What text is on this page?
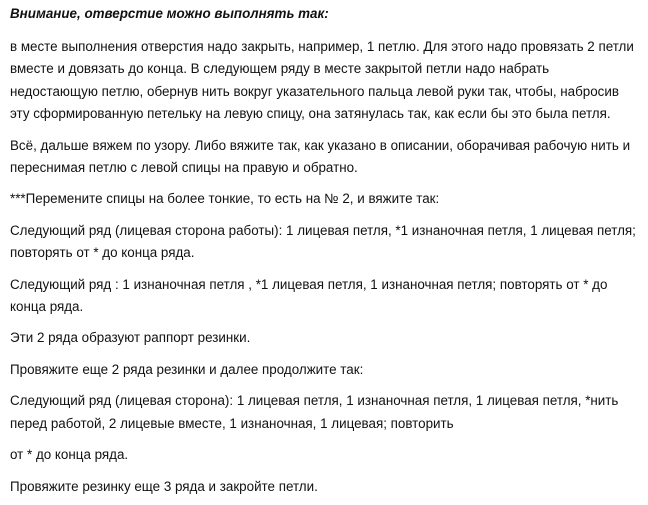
Внимание, отверстие можно выполнять так:
в месте выполнения отверстия надо закрыть, например, 1 петлю. Для этого надо провязать 2 петли вместе и довязать до конца. В следующем ряду в месте закрытой петли надо набрать недостающую петлю, обернув нить вокруг указательного пальца левой руки так, чтобы, набросив эту сформированную петельку на левую спицу, она затянулась так, как если бы это была петля.
Всё, дальше вяжем по узору. Либо вяжите так, как указано в описании, оборачивая рабочую нить и переснимая петлю с левой спицы на правую и обратно.
***Перемените спицы на более тонкие, то есть на № 2, и вяжите так:
Следующий ряд (лицевая сторона работы): 1 лицевая петля, *1 изнаночная петля, 1 лицевая петля; повторять от * до конца ряда.
Следующий ряд : 1 изнаночная петля , *1 лицевая петля, 1 изнаночная петля; повторять от * до конца ряда.
Эти 2 ряда образуют раппорт резинки.
Провяжите еще 2 ряда резинки и далее продолжите так:
Следующий ряд (лицевая сторона): 1 лицевая петля, 1 изнаночная петля, 1 лицевая петля, *нить перед работой, 2 лицевые вместе, 1 изнаночная, 1 лицевая; повторить
от * до конца ряда.
Провяжите резинку еще 3 ряда и закройте петли.
